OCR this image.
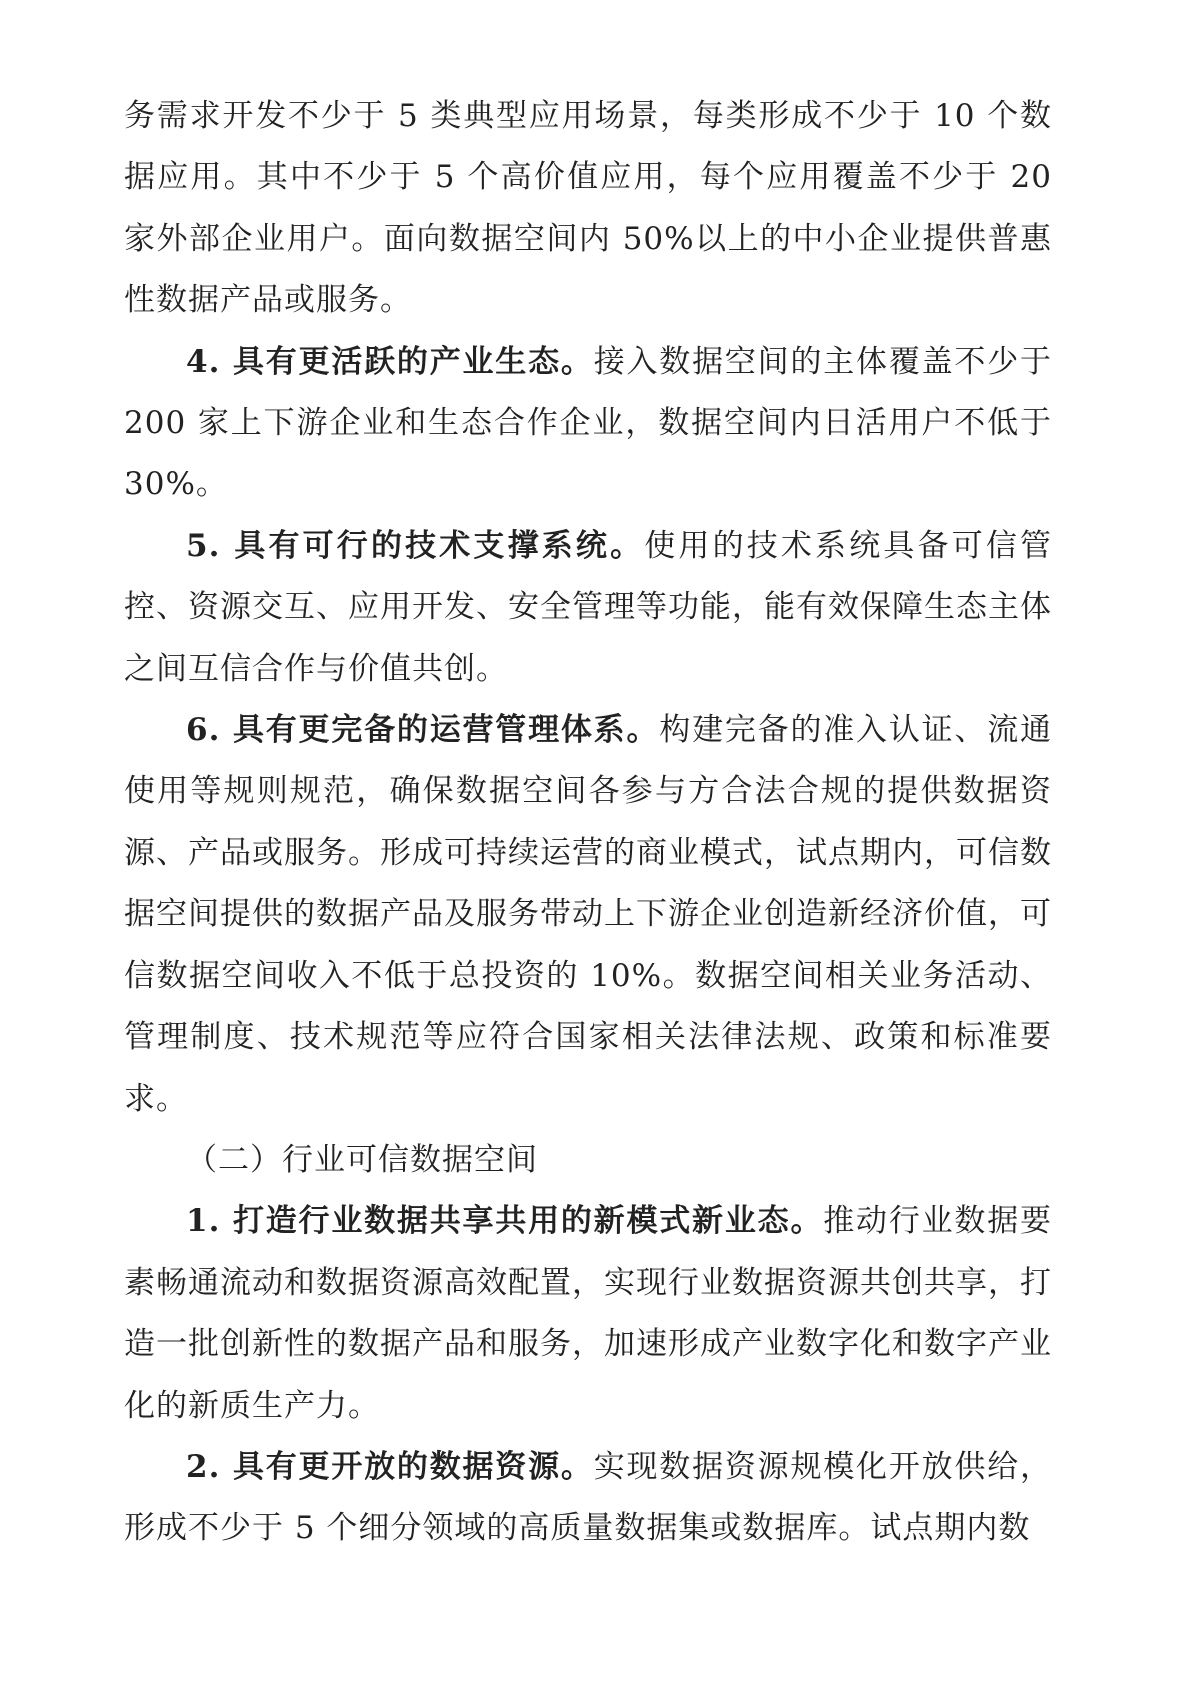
务需求开发不少于 5 类典型应用场景，每类形成不少于 10 个数据应用。其中不少于 5 个高价值应用，每个应用覆盖不少于 20 家外部企业用户。面向数据空间内 50%以上的中小企业提供普惠性数据产品或服务。

4. 具有更活跃的产业生态。接入数据空间的主体覆盖不少于 200 家上下游企业和生态合作企业，数据空间内日活用户不低于 30%。

5. 具有可行的技术支撑系统。使用的技术系统具备可信管控、资源交互、应用开发、安全管理等功能，能有效保障生态主体之间互信合作与价值共创。

6. 具有更完备的运营管理体系。构建完备的准入认证、流通使用等规则规范，确保数据空间各参与方合法合规的提供数据资源、产品或服务。形成可持续运营的商业模式，试点期内，可信数据空间提供的数据产品及服务带动上下游企业创造新经济价值，可信数据空间收入不低于总投资的 10%。数据空间相关业务活动、管理制度、技术规范等应符合国家相关法律法规、政策和标准要求。

（二）行业可信数据空间

1. 打造行业数据共享共用的新模式新业态。推动行业数据要素畅通流动和数据资源高效配置，实现行业数据资源共创共享，打造一批创新性的数据产品和服务，加速形成产业数字化和数字产业化的新质生产力。

2. 具有更开放的数据资源。实现数据资源规模化开放供给，形成不少于 5 个细分领域的高质量数据集或数据库。试点期内数
